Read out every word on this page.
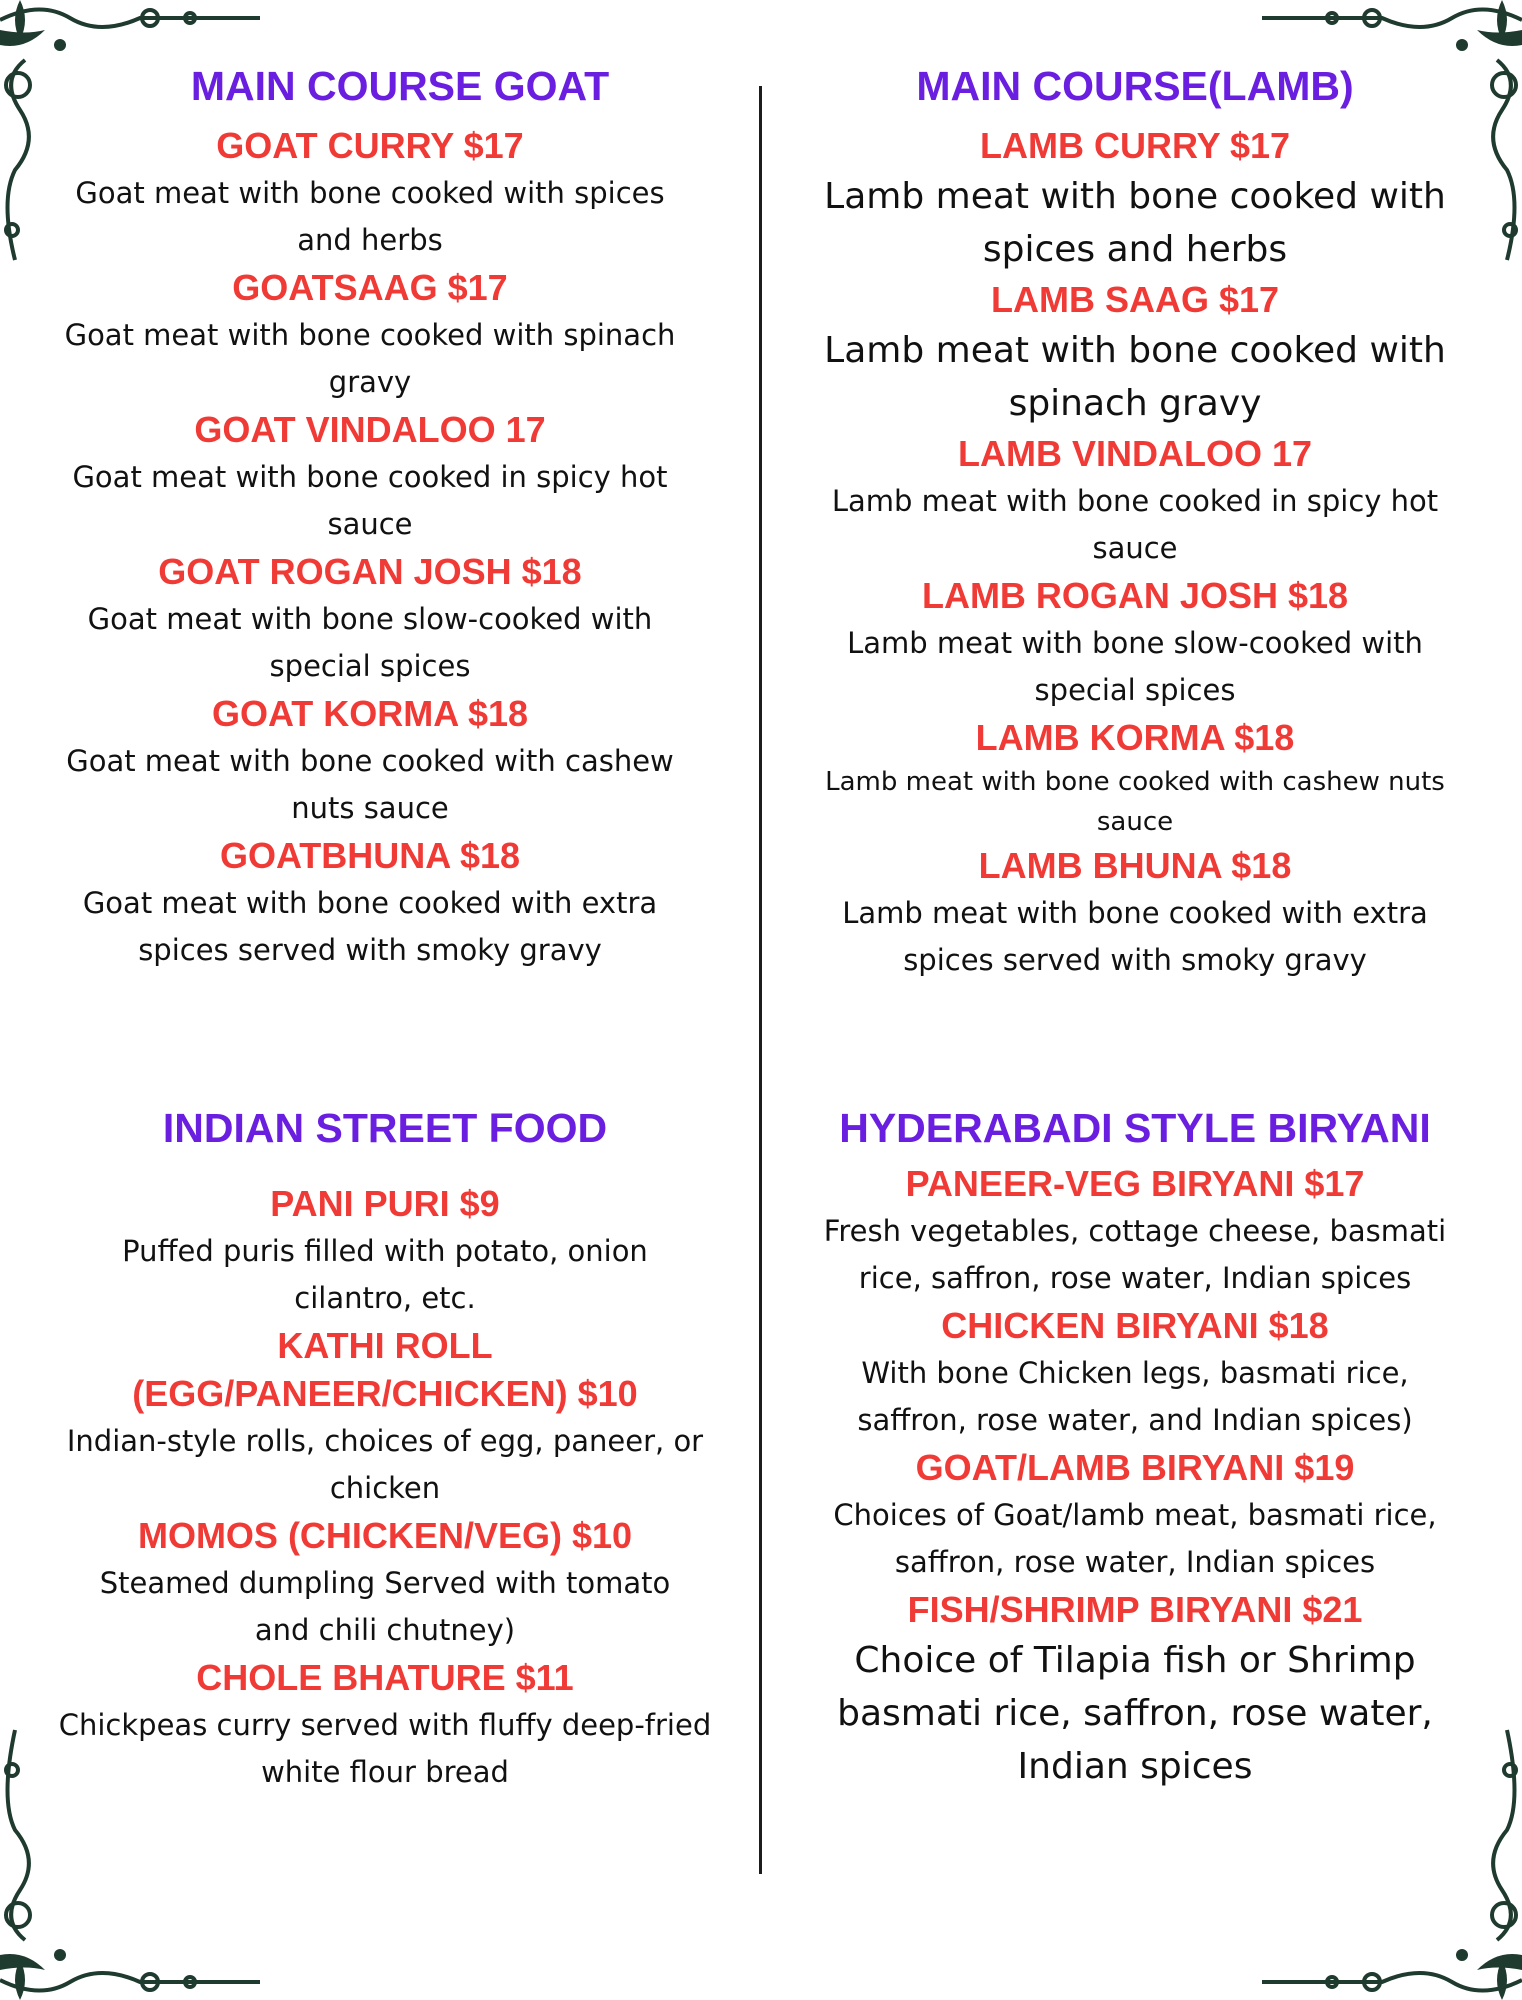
MAIN COURSE GOAT

GOAT CURRY $17

Goat meat with bone cooked with spices and herbs

GOATSAAG $17

Goat meat with bone cooked with spinach gravy

GOAT VINDALOO 17

Goat meat with bone cooked in spicy hot sauce

GOAT ROGAN JOSH $18

Goat meat with bone slow-cooked with special spices

GOAT KORMA $18

Goat meat with bone cooked with cashew nuts sauce

GOATBHUNA $18

Goat meat with bone cooked with extra spices served with smoky gravy

MAIN COURSE(LAMB)

LAMB CURRY $17

Lamb meat with bone cooked with spices and herbs

LAMB SAAG $17

Lamb meat with bone cooked with spinach gravy

LAMB VINDALOO 17

Lamb meat with bone cooked in spicy hot sauce

LAMB ROGAN JOSH $18

Lamb meat with bone slow-cooked with special spices

LAMB KORMA $18

Lamb meat with bone cooked with cashew nuts sauce

LAMB BHUNA $18

Lamb meat with bone cooked with extra spices served with smoky gravy

INDIAN STREET FOOD

PANI PURI $9

Puffed puris filled with potato, onion cilantro, etc.

KATHI ROLL (EGG/PANEER/CHICKEN) $10

Indian-style rolls, choices of egg, paneer, or chicken

MOMOS (CHICKEN/VEG) $10

Steamed dumpling Served with tomato and chili chutney)

CHOLE BHATURE $11

Chickpeas curry served with fluffy deep-fried white flour bread

HYDERABADI STYLE BIRYANI

PANEER-VEG BIRYANI $17

Fresh vegetables, cottage cheese, basmati rice, saffron, rose water, Indian spices

CHICKEN BIRYANI $18

With bone Chicken legs, basmati rice, saffron, rose water, and Indian spices)

GOAT/LAMB BIRYANI $19

Choices of Goat/lamb meat, basmati rice, saffron, rose water, Indian spices

FISH/SHRIMP BIRYANI $21

Choice of Tilapia fish or Shrimp basmati rice, saffron, rose water, Indian spices
